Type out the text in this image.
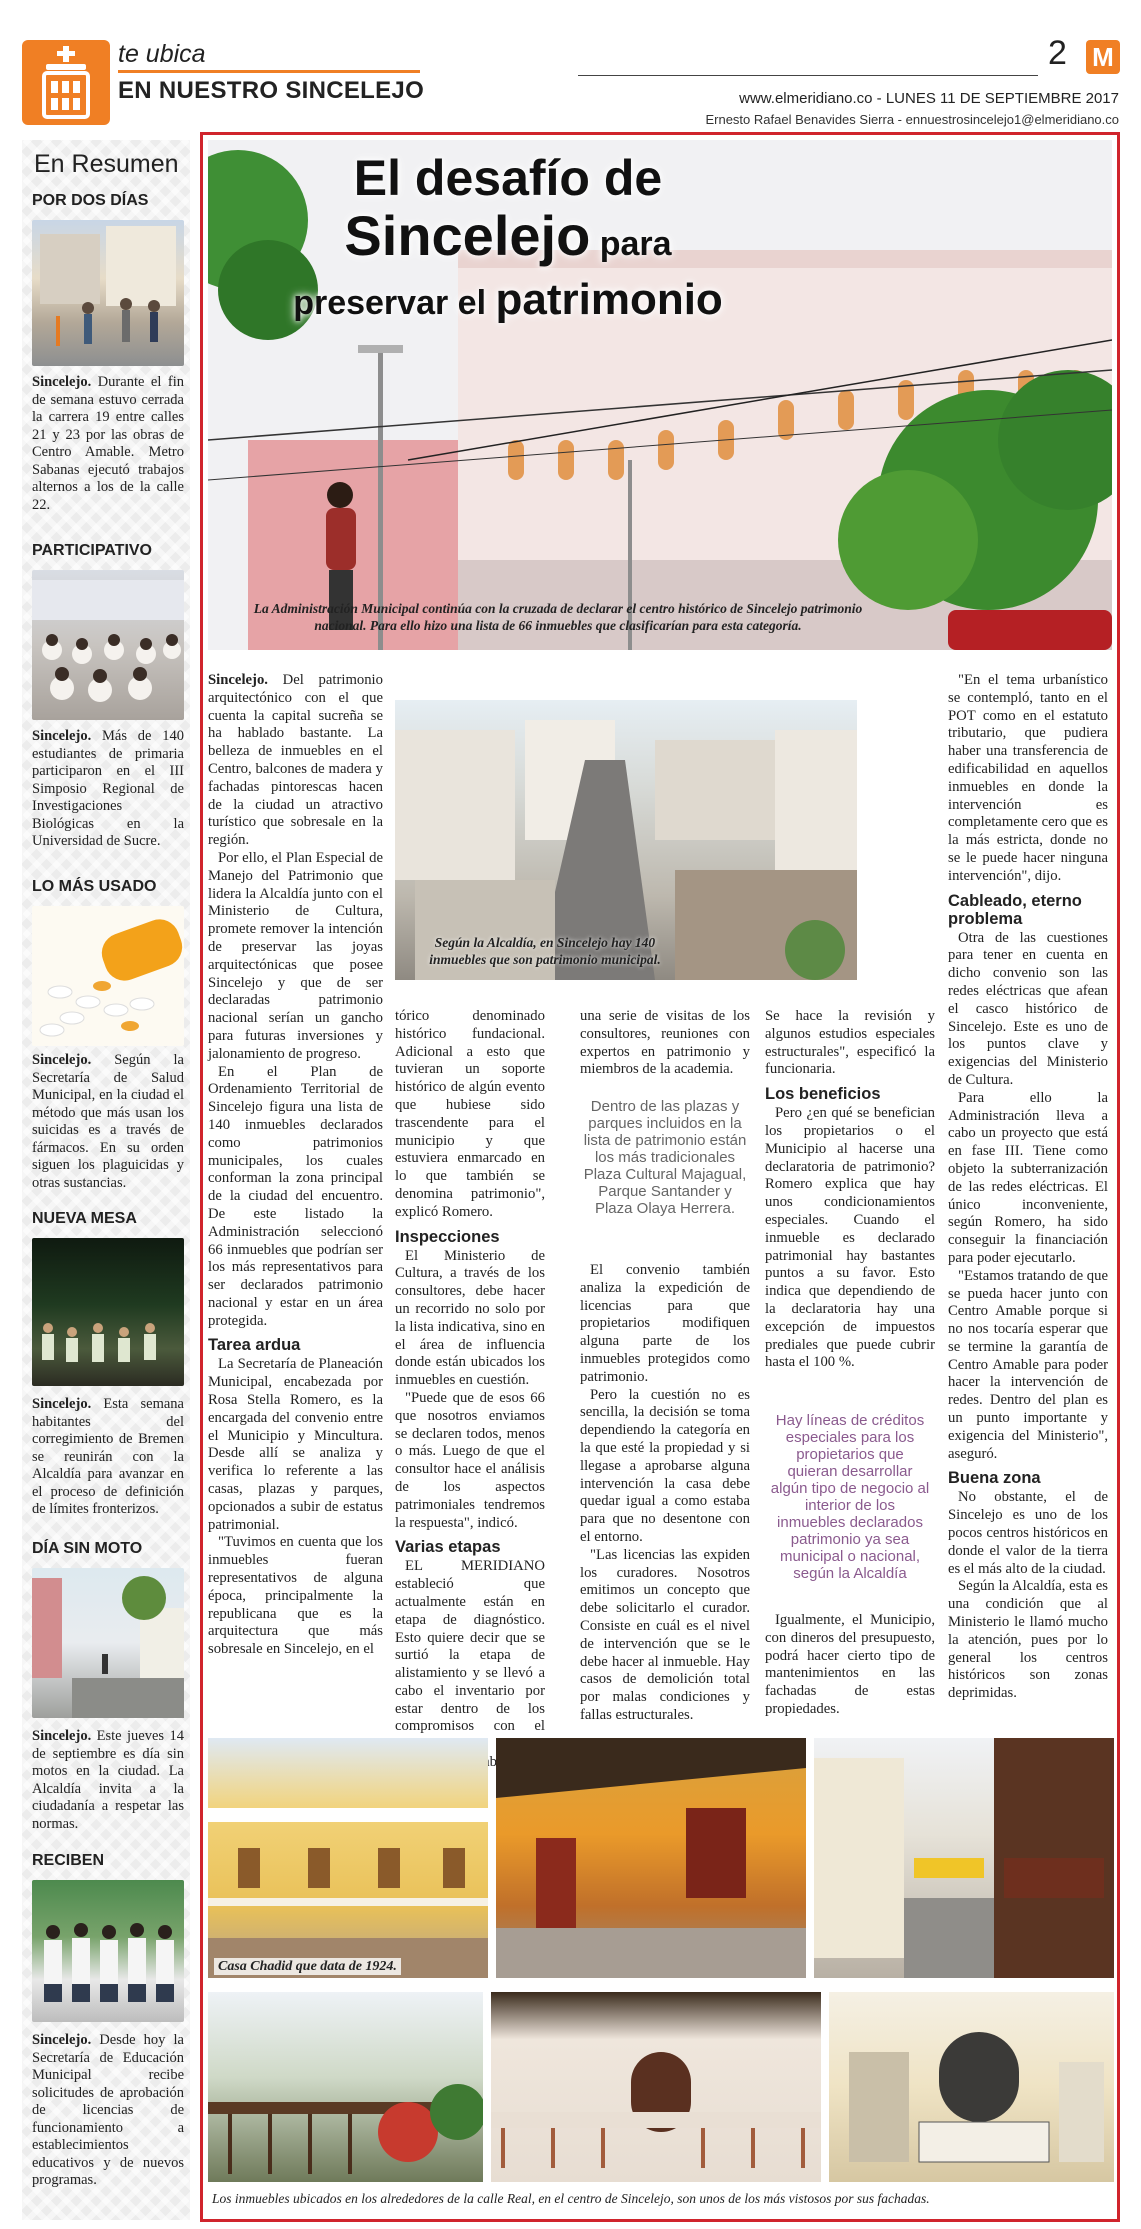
te ubica
EN NUESTRO SINCELEJO
2 M
www.elmeridiano.co - LUNES 11 DE SEPTIEMBRE 2017
Ernesto Rafael Benavides Sierra - ennuestrosincelejo1@elmeridiano.co
En Resumen
POR DOS DÍAS
Sincelejo. Durante el fin de semana estuvo cerrada la carrera 19 entre calles 21 y 23 por las obras de Centro Amable. Metro Sabanas ejecutó trabajos alternos a los de la calle 22.
PARTICIPATIVO
Sincelejo. Más de 140 estudiantes de primaria participaron en el III Simposio Regional de Investigaciones Biológicas en la Universidad de Sucre.
LO MÁS USADO
Sincelejo. Según la Secretaría de Salud Municipal, en la ciudad el método que más usan los suicidas es a través de fármacos. En su orden siguen los plaguicidas y otras sustancias.
NUEVA MESA
Sincelejo. Esta semana habitantes del corregimiento de Bremen se reunirán con la Alcaldía para avanzar en el proceso de definición de límites fronterizos.
DÍA SIN MOTO
Sincelejo. Este jueves 14 de septiembre es día sin motos en la ciudad. La Alcaldía invita a la ciudadanía a respetar las normas.
RECIBEN
Sincelejo. Desde hoy la Secretaría de Educación Municipal recibe solicitudes de aprobación de licencias de funcionamiento a establecimientos educativos y de nuevos programas.
El desafío de
Sincelejo para
preservar el patrimonio
La Administración Municipal continúa con la cruzada de declarar el centro histórico de Sincelejo patrimonio nacional. Para ello hizo una lista de 66 inmuebles que clasificarían para esta categoría.
Según la Alcaldía, en Sincelejo hay 140 inmuebles que son patrimonio municipal.

Sincelejo. Del patrimonio arquitectónico con el que cuenta la capital sucreña se ha hablado bastante. La belleza de inmuebles en el Centro, balcones de madera y fachadas pintorescas hacen de la ciudad un atractivo turístico que sobresale en la región.

Por ello, el Plan Especial de Manejo del Patrimonio que lidera la Alcaldía junto con el Ministerio de Cultura, promete remover la intención de preservar las joyas arquitectónicas que posee Sincelejo y que de ser declaradas patrimonio nacional serían un gancho para futuras inversiones y jalonamiento de progreso.

En el Plan de Ordenamiento Territorial de Sincelejo figura una lista de 140 inmuebles declarados como patrimonios municipales, los cuales conforman la zona principal de la ciudad del encuentro. De este listado la Administración seleccionó 66 inmuebles que podrían ser los más representativos para ser declarados patrimonio nacional y estar en un área protegida.

Tarea ardua

La Secretaría de Planeación Municipal, encabezada por Rosa Stella Romero, es la encargada del convenio entre el Municipio y Mincultura. Desde allí se analiza y verifica lo referente a las casas, plazas y parques, opcionados a subir de estatus patrimonial.

"Tuvimos en cuenta que los inmuebles fueran representativos de alguna época, principalmente la republicana que es la arquitectura que más sobresale en Sincelejo, en el

tórico denominado histórico fundacional. Adicional a esto que tuvieran un soporte histórico de algún evento que hubiese sido trascendente para el municipio y que estuviera enmarcado en lo que también se denomina patrimonio", explicó Romero.

Inspecciones

El Ministerio de Cultura, a través de los consultores, debe hacer un recorrido no solo por la lista indicativa, sino en el área de influencia donde están ubicados los inmuebles en cuestión.

"Puede que de esos 66 que nosotros enviamos se declaren todos, menos o más. Luego de que el consultor hace el análisis de los aspectos patrimoniales tendremos la respuesta", indicó.

Varias etapas

EL MERIDIANO estableció que actualmente están en etapa de diagnóstico. Esto quiere decir que se surtió la etapa de alistamiento y se llevó a cabo el inventario por estar dentro de los compromisos con el también

una serie de visitas de los consultores, reuniones con expertos en patrimonio y miembros de la academia.

Dentro de las plazas y parques incluidos en la lista de patrimonio están los más tradicionales Plaza Cultural Majagual, Parque Santander y Plaza Olaya Herrera.

El convenio también analiza la expedición de licencias para que propietarios modifiquen alguna parte de los inmuebles protegidos como patrimonio.

Pero la cuestión no es sencilla, la decisión se toma dependiendo la categoría en la que esté la propiedad y si llegase a aprobarse alguna intervención la casa debe quedar igual a como estaba para que no desentone con el entorno.

"Las licencias las expiden los curadores. Nosotros emitimos un concepto que debe solicitarlo el curador. Consiste en cuál es el nivel de intervención que se le debe hacer al inmueble. Hay casos de demolición total por malas condiciones y fallas estructurales.

Se hace la revisión y algunos estudios especiales estructurales", especificó la funcionaria.

Los beneficios

Pero ¿en qué se benefician los propietarios o el Municipio al hacerse una declaratoria de patrimonio? Romero explica que hay unos condicionamientos especiales. Cuando el inmueble es declarado patrimonial hay bastantes puntos a su favor. Esto indica que dependiendo de la declaratoria hay una excepción de impuestos prediales que puede cubrir hasta el 100 %.

Hay líneas de créditos especiales para los propietarios que quieran desarrollar algún tipo de negocio al interior de los inmuebles declarados patrimonio ya sea municipal o nacional, según la Alcaldía

Igualmente, el Municipio, con dineros del presupuesto, podrá hacer cierto tipo de mantenimientos en las fachadas de estas propiedades.

"En el tema urbanístico se contempló, tanto en el POT como en el estatuto tributario, que pudiera haber una transferencia de edificabilidad en aquellos inmuebles en donde la intervención es completamente cero que es la más estricta, donde no se le puede hacer ninguna intervención", dijo.

Cableado, eterno problema

Otra de las cuestiones para tener en cuenta en dicho convenio son las redes eléctricas que afean el casco histórico de Sincelejo. Este es uno de los puntos clave y exigencias del Ministerio de Cultura.

Para ello la Administración lleva a cabo un proyecto que está en fase III. Tiene como objeto la subterranización de las redes eléctricas. El único inconveniente, según Romero, ha sido conseguir la financiación para poder ejecutarlo.

"Estamos tratando de que se pueda hacer junto con Centro Amable porque si no nos tocaría esperar que se termine la garantía de Centro Amable para poder hacer la intervención de redes. Dentro del plan es un punto importante y exigencia del Ministerio", aseguró.

Buena zona

No obstante, el de Sincelejo es uno de los pocos centros históricos en donde el valor de la tierra es el más alto de la ciudad.

Según la Alcaldía, esta es una condición que al Ministerio le llamó mucho la atención, pues por lo general los centros históricos son zonas deprimidas.

Casa Chadid que data de 1924.
Los inmuebles ubicados en los alrededores de la calle Real, en el centro de Sincelejo, son unos de los más vistosos por sus fachadas.
